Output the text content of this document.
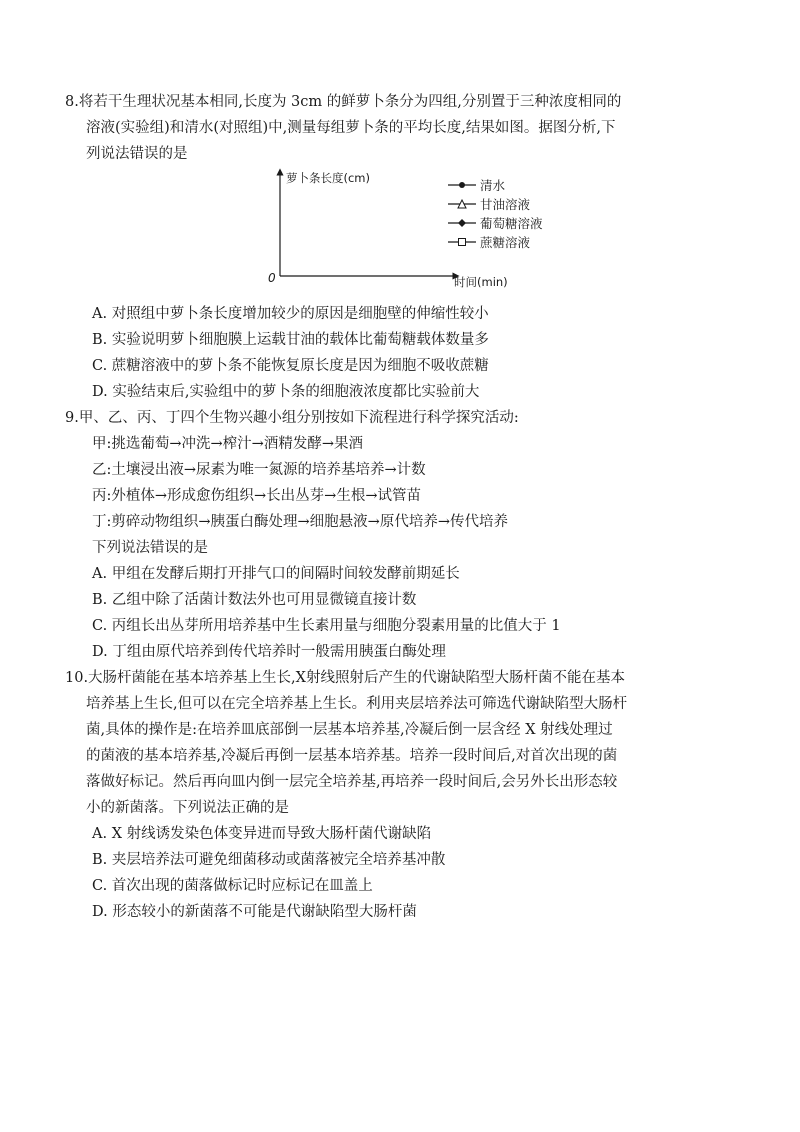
8.将若干生理状况基本相同,长度为 3cm 的鲜萝卜条分为四组,分别置于三种浓度相同的
溶液(实验组)和清水(对照组)中,测量每组萝卜条的平均长度,结果如图。据图分析,下
列说法错误的是
萝卜条长度(cm)
时间(min)
0
清水
甘油溶液
葡萄糖溶液
蔗糖溶液
A. 对照组中萝卜条长度增加较少的原因是细胞壁的伸缩性较小
B. 实验说明萝卜细胞膜上运载甘油的载体比葡萄糖载体数量多
C. 蔗糖溶液中的萝卜条不能恢复原长度是因为细胞不吸收蔗糖
D. 实验结束后,实验组中的萝卜条的细胞液浓度都比实验前大
9.甲、乙、丙、丁四个生物兴趣小组分别按如下流程进行科学探究活动:
甲:挑选葡萄→冲洗→榨汁→酒精发酵→果酒
乙:土壤浸出液→尿素为唯一氮源的培养基培养→计数
丙:外植体→形成愈伤组织→长出丛芽→生根→试管苗
丁:剪碎动物组织→胰蛋白酶处理→细胞悬液→原代培养→传代培养
下列说法错误的是
A. 甲组在发酵后期打开排气口的间隔时间较发酵前期延长
B. 乙组中除了活菌计数法外也可用显微镜直接计数
C. 丙组长出丛芽所用培养基中生长素用量与细胞分裂素用量的比值大于 1
D. 丁组由原代培养到传代培养时一般需用胰蛋白酶处理
10.大肠杆菌能在基本培养基上生长,X射线照射后产生的代谢缺陷型大肠杆菌不能在基本
培养基上生长,但可以在完全培养基上生长。利用夹层培养法可筛选代谢缺陷型大肠杆
菌,具体的操作是:在培养皿底部倒一层基本培养基,冷凝后倒一层含经 X 射线处理过
的菌液的基本培养基,冷凝后再倒一层基本培养基。培养一段时间后,对首次出现的菌
落做好标记。然后再向皿内倒一层完全培养基,再培养一段时间后,会另外长出形态较
小的新菌落。下列说法正确的是
A. X 射线诱发染色体变异进而导致大肠杆菌代谢缺陷
B. 夹层培养法可避免细菌移动或菌落被完全培养基冲散
C. 首次出现的菌落做标记时应标记在皿盖上
D. 形态较小的新菌落不可能是代谢缺陷型大肠杆菌
